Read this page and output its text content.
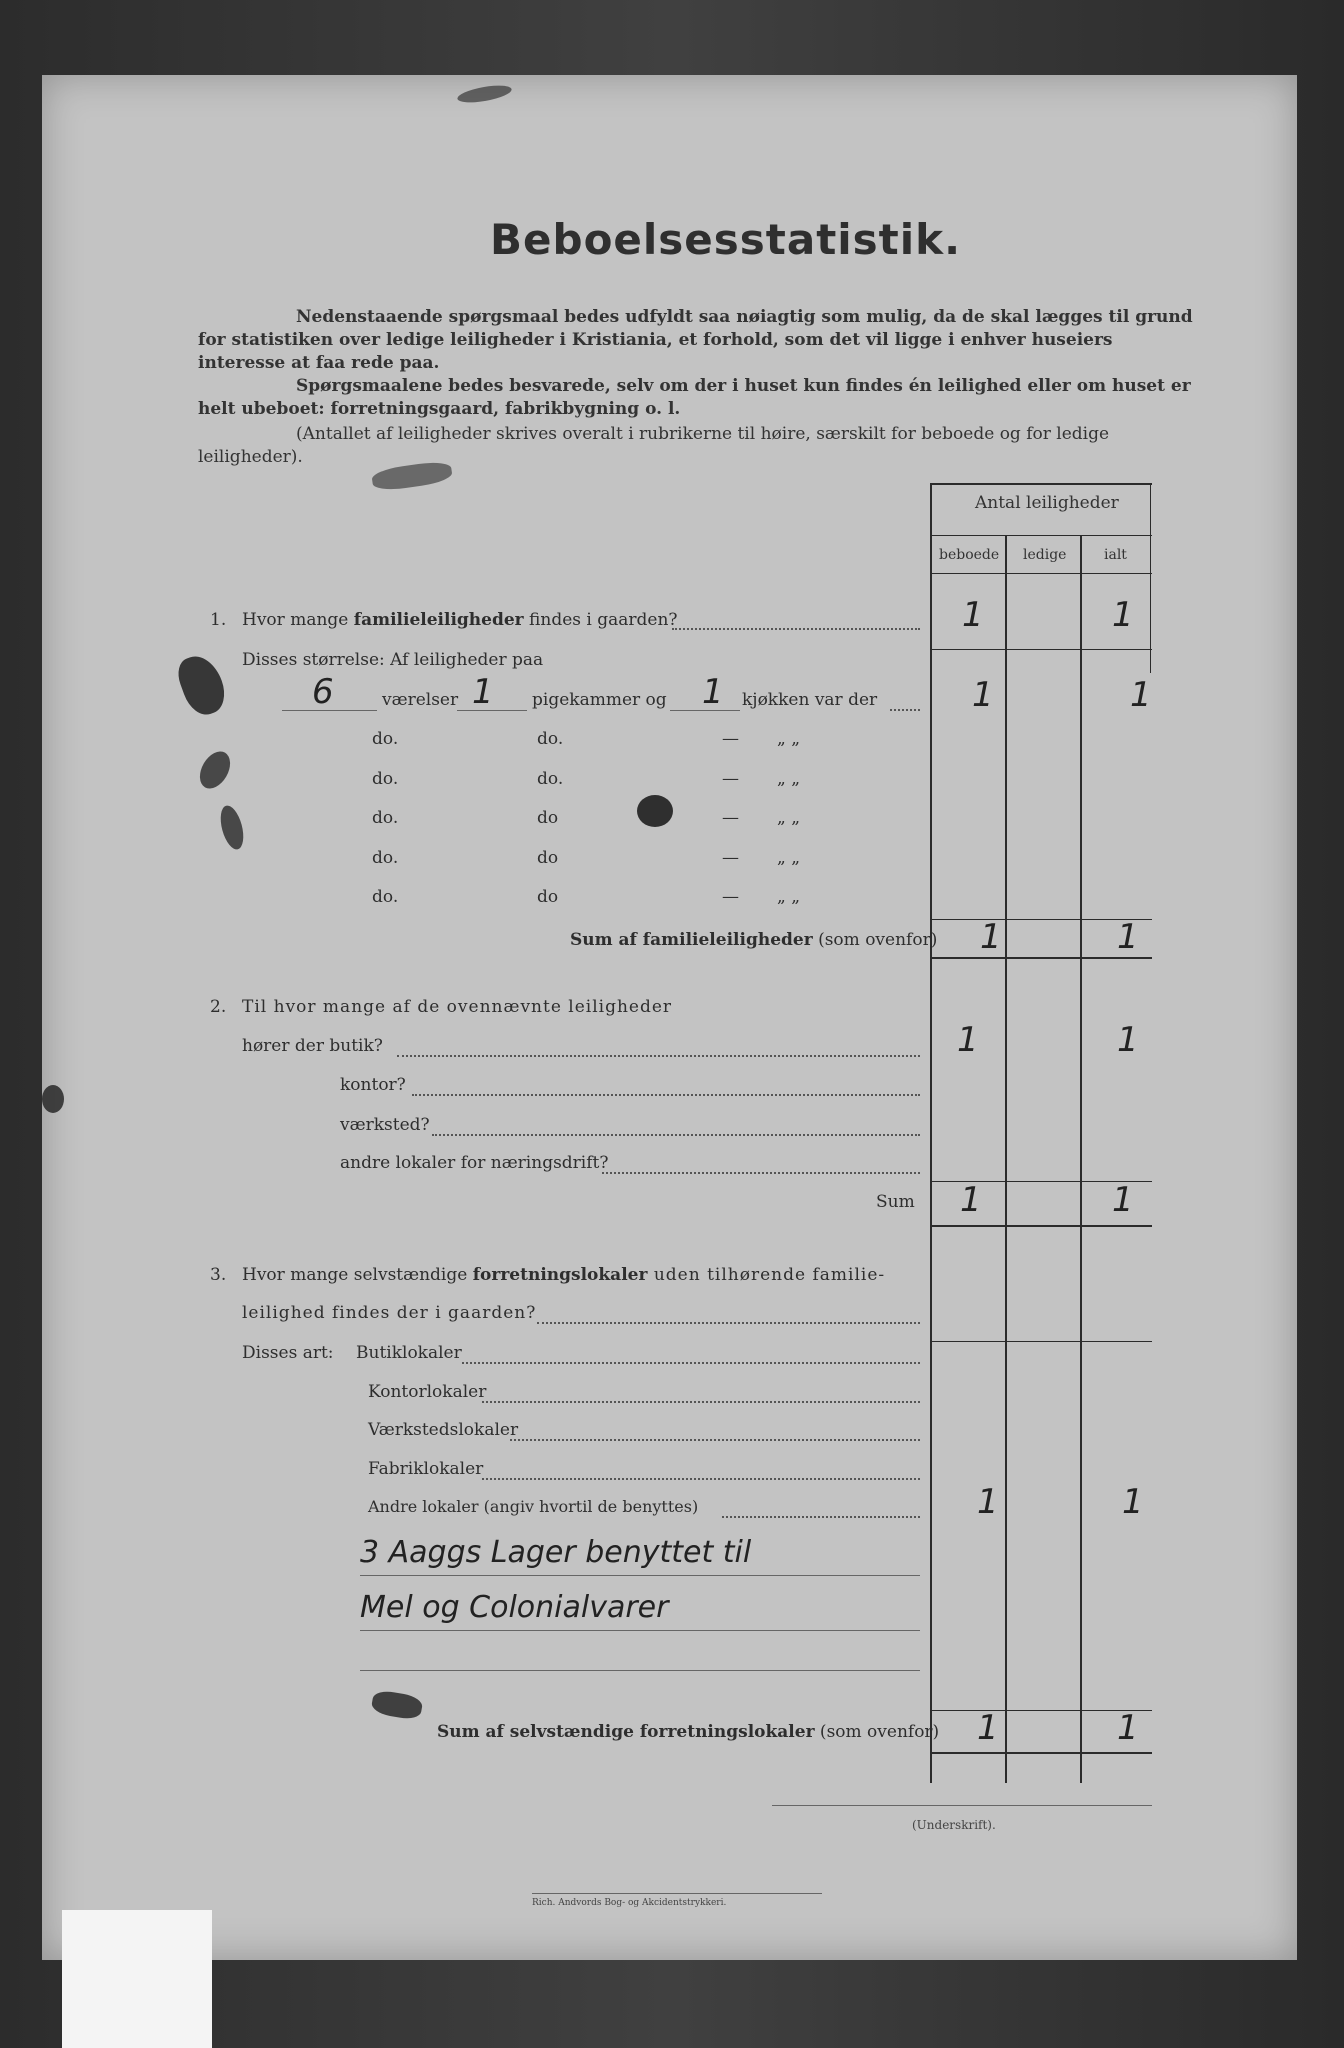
Beboelsesstatistik.
Nedenstaaende spørgsmaal bedes udfyldt saa nøiagtig som mulig, da de skal lægges til grund
for statistiken over ledige leiligheder i Kristiania, et forhold, som det vil ligge i enhver huseiers
interesse at faa rede paa.
Spørgsmaalene bedes besvarede, selv om der i huset kun findes én leilighed eller om huset er
helt ubeboet: forretningsgaard, fabrikbygning o. l.
(Antallet af leiligheder skrives overalt i rubrikerne til høire, særskilt for beboede og for ledige
leiligheder).
Antal leiligheder
beboede ledige	ialt
1. Hvor mange familieleiligheder findes i gaarden?	1	1
Disses størrelse: Af leiligheder paa
6	værelser 1 pigekammer og 1 kjøkken var der	1	1
do.	do.	— „ „
do.	do.	— „ „
do.	do	— „ „
do.	do	— „ „
do.	do	— „ „
Sum af familieleiligheder (som ovenfor) 1	1
2. Til hvor mange af de ovennævnte leiligheder
hører der butik?	1	1
kontor?
værksted?
andre lokaler for næringsdrift?
Sum 1	1
3. Hvor mange selvstændige forretningslokaler uden tilhørende familie-
leilighed findes der i gaarden?
Disses art: Butiklokaler
Kontorlokaler
Værkstedslokaler
Fabriklokaler
Andre lokaler (angiv hvortil de benyttes)	1	1
3 Aaggs Lager benyttet til
Mel og Colonialvarer
Sum af selvstændige forretningslokaler (som ovenfor) 1	1
(Underskrift).
Rich. Andvords Bog- og Akcidentstrykkeri.
